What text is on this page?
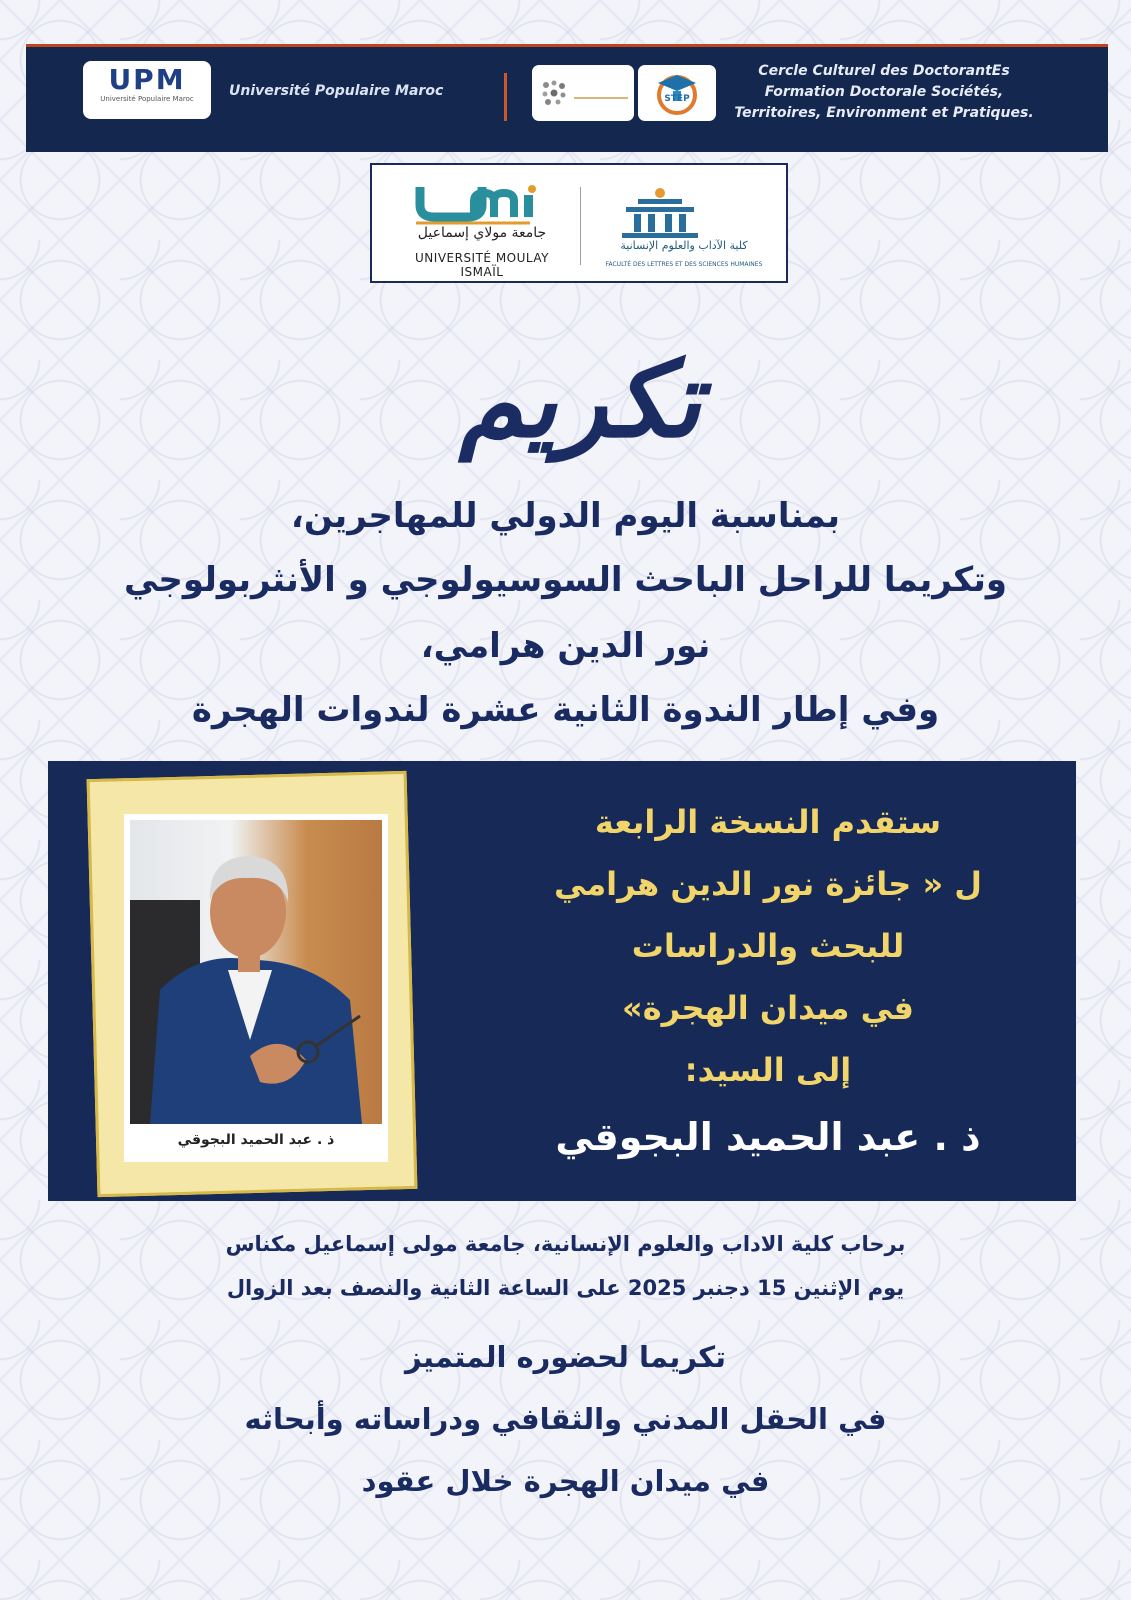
UPM
Université Populaire Maroc	Université Populaire Maroc	STEP
Cercle Culturel des DoctorantEs
Formation Doctorale Sociétés,
Territoires, Environment et Pratiques.
جامعة مولاي إسماعيل
UNIVERSITÉ MOULAY ISMAÏL
كلية الآداب والعلوم الإنسانية
FACULTÉ DES LETTRES ET DES SCIENCES HUMAINES
تكريم
بمناسبة اليوم الدولي للمهاجرين،
وتكريما للراحل الباحث السوسيولوجي و الأنثربولوجي
نور الدين هرامي،
وفي إطار الندوة الثانية عشرة لندوات الهجرة
ذ . عبد الحميد البجوقي
ستقدم النسخة الرابعة
ل « جائزة نور الدين هرامي
للبحث والدراسات
في ميدان الهجرة»
إلى السيد:
ذ . عبد الحميد البجوقي
برحاب كلية الاداب والعلوم الإنسانية، جامعة مولى إسماعيل مكناس
يوم الإثنين 15 دجنبر 2025 على الساعة الثانية والنصف بعد الزوال
تكريما لحضوره المتميز
في الحقل المدني والثقافي ودراساته وأبحاثه
في ميدان الهجرة خلال عقود
